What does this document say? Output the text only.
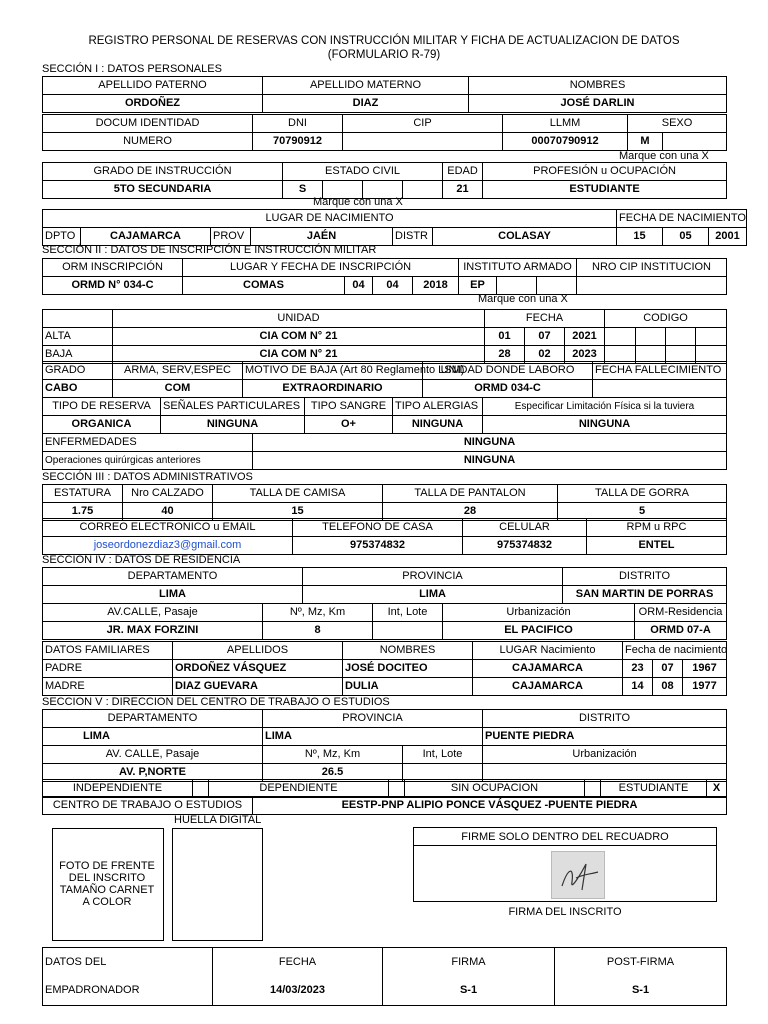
REGISTRO PERSONAL DE RESERVAS CON INSTRUCCIÓN MILITAR Y FICHA DE ACTUALIZACION DE DATOS
(FORMULARIO R-79)
SECCIÓN I : DATOS PERSONALES
APELLIDO PATERNO	APELLIDO MATERNO	NOMBRES
ORDOÑEZ	DIAZ	JOSÉ DARLIN
DOCUM IDENTIDAD	DNI	CIP	LLMM	SEXO	
NUMERO	70790912		00070790912	M	
Marque con una X
GRADO DE INSTRUCCIÓN	ESTADO CIVIL				EDAD	PROFESIÓN u OCUPACIÓN
5TO SECUNDARIA	S				21	ESTUDIANTE
Marque con una X
LUGAR DE NACIMIENTO						FECHA DE NACIMIENTO		
DPTO	CAJAMARCA	PROV	JAÉN	DISTR	COLASAY	15	05	2001
SECCIÓN II : DATOS DE INSCRIPCIÓN E INSTRUCCIÓN MILITAR
ORM INSCRIPCIÓN	LUGAR Y FECHA DE INSCRIPCIÓN				INSTITUTO ARMADO			NRO CIP INSTITUCION
ORMD N° 034-C	COMAS	04	04	2018	EP			
Marque con una X
	UNIDAD	FECHA			CODIGO			
ALTA	CIA COM N° 21	01	07	2021				
BAJA	CIA COM N° 21	28	02	2023				
GRADO	ARMA, SERV,ESPEC	MOTIVO DE BAJA (Art 80 Reglamento LSM)	UNIDAD DONDE LABORO	FECHA FALLECIMIENTO
CABO	COM	EXTRAORDINARIO	ORMD 034-C	
TIPO DE RESERVA	SEÑALES PARTICULARES	TIPO SANGRE	TIPO ALERGIAS	Especificar Limitación Física si la tuviera
ORGANICA	NINGUNA	O+	NINGUNA	NINGUNA
ENFERMEDADES	NINGUNA
Operaciones quirúrgicas anteriores	NINGUNA
SECCIÓN III : DATOS ADMINISTRATIVOS
ESTATURA	Nro CALZADO	TALLA DE CAMISA	TALLA DE PANTALON	TALLA DE GORRA
1.75	40	15	28	5
CORREO ELECTRONICO u EMAIL	TELEFONO DE CASA	CELULAR	RPM u RPC
joseordonezdiaz3@gmail.com	975374832	975374832	ENTEL
SECCION IV : DATOS DE RESIDENCIA
DEPARTAMENTO		PROVINCIA			DISTRITO	
LIMA		LIMA			SAN MARTIN DE PORRAS	
AV.CALLE, Pasaje	Nº, Mz, Km		Int, Lote	Urbanización		ORM-Residencia
JR. MAX FORZINI	8			EL PACIFICO		ORMD 07-A
DATOS FAMILIARES	APELLIDOS	NOMBRES	LUGAR Nacimiento	Fecha de nacimiento		
PADRE	ORDOÑEZ VÁSQUEZ	JOSÉ DOCITEO	CAJAMARCA	23	07	1967
MADRE	DIAZ GUEVARA	DULIA	CAJAMARCA	14	08	1977
SECCION V : DIRECCION DEL CENTRO DE TRABAJO O ESTUDIOS
DEPARTAMENTO	PROVINCIA		DISTRITO
LIMA	LIMA		PUENTE PIEDRA
AV. CALLE, Pasaje	Nº, Mz, Km	Int, Lote	Urbanización
AV. P,NORTE	26.5		
INDEPENDIENTE		DEPENDIENTE		SIN OCUPACION		ESTUDIANTE	X
CENTRO DE TRABAJO O ESTUDIOS	EESTP-PNP ALIPIO PONCE VÁSQUEZ -PUENTE PIEDRA
HUELLA DIGITAL
FOTO DE FRENTE DEL INSCRITO TAMAÑO CARNET A COLOR
FIRME SOLO DENTRO DEL RECUADRO
FIRMA DEL INSCRITO
DATOS DEL	FECHA	FIRMA	POST-FIRMA
EMPADRONADOR	14/03/2023	S-1	S-1
